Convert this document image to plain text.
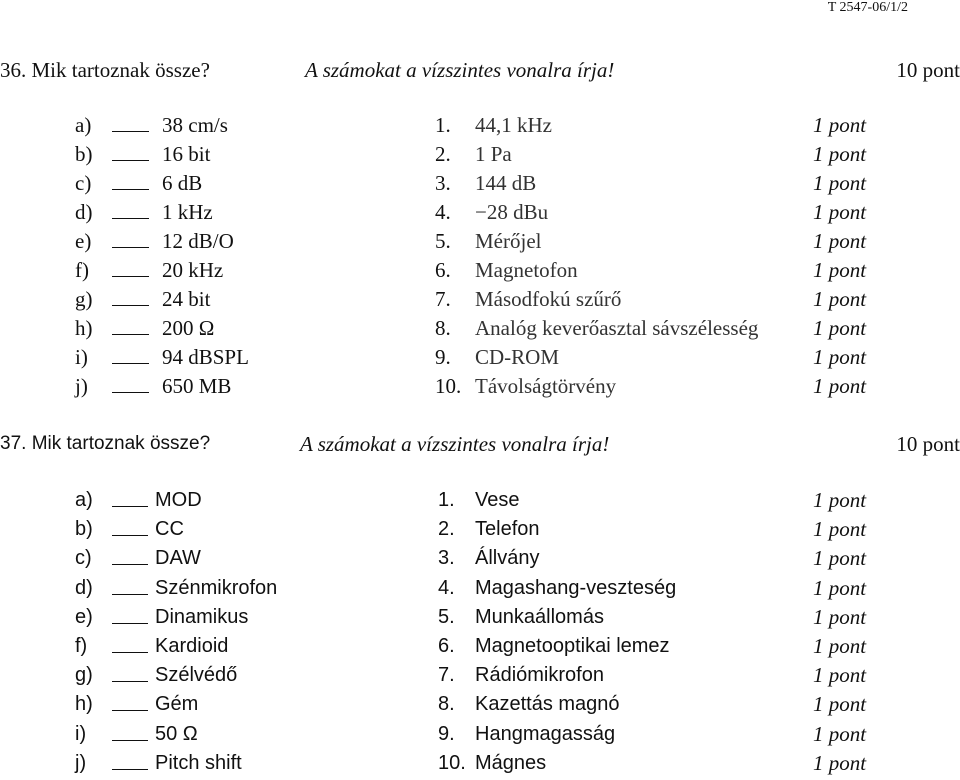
T 2547-06/1/2
36. Mik tartoznak össze?	A számokat a vízszintes vonalra írja!	10 pont
a)	38 cm/s	1. 44,1 kHz	1 pont
b)	16 bit	2. 1 Pa	1 pont
c)	6 dB	3. 144 dB	1 pont
d)	1 kHz	4. −28 dBu	1 pont
e)	12 dB/O	5. Mérőjel	1 pont
f)	20 kHz	6. Magnetofon	1 pont
g)	24 bit	7. Másodfokú szűrő	1 pont
h)	200 Ω	8. Analóg keverőasztal sávszélesség	1 pont
i)	94 dBSPL	9. CD-ROM	1 pont
j)	650 MB	10. Távolságtörvény	1 pont
37. Mik tartoznak össze?	A számokat a vízszintes vonalra írja!	10 pont
a)	MOD	1. Vese	1 pont
b)	CC	2. Telefon	1 pont
c)	DAW	3. Állvány	1 pont
d)	Szénmikrofon	4. Magashang-veszteség	1 pont
e)	Dinamikus	5. Munkaállomás	1 pont
f)	Kardioid	6. Magnetooptikai lemez	1 pont
g)	Szélvédő	7. Rádiómikrofon	1 pont
h)	Gém	8. Kazettás magnó	1 pont
i)	50 Ω	9. Hangmagasság	1 pont
j)	Pitch shift	10. Mágnes	1 pont
